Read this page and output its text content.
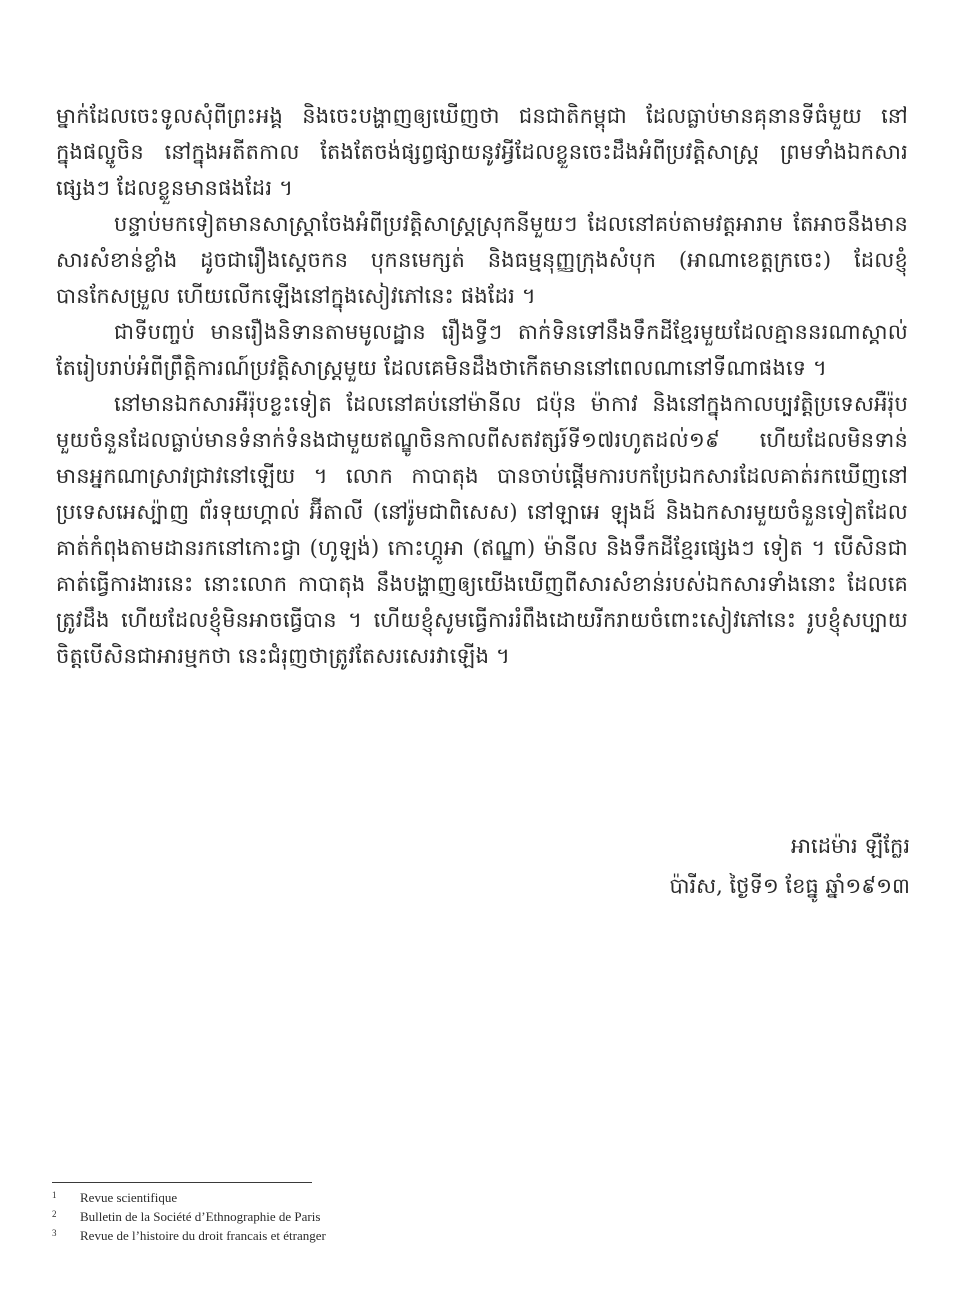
ម្នាក់ដែលចេះទូលសុំពីព្រះអង្គ និងចេះបង្ហាញឲ្យឃើញថា ជនជាតិកម្ពុជា ដែលធ្លាប់មានគុនានទីធំមួយ នៅក្នុងផល្ចូចិន នៅក្នុងអតីតកាល តែងតែចង់ផ្សព្វផ្សាយនូវអ្វីដែលខ្លួនចេះដឹងអំពីប្រវត្តិសាស្ត្រ ព្រមទាំងឯកសារផ្សេងៗ ដែលខ្លួនមានផងដែរ ។

បន្ទាប់មកទៀតមានសាស្ត្រាចែងអំពីប្រវត្តិសាស្ត្រស្រុកនីមួយៗ ដែលនៅគប់តាមវត្តអារាម តែអាចនឹងមានសារសំខាន់ខ្លាំង ដូចជារឿងស្ដេចកន បុកនមេក្សត់ និងធម្មនុញ្ញក្រុងសំបុក (អាណាខេត្តក្រចេះ) ដែលខ្ញុំបានកែសម្រួល ហើយលើកឡើងនៅក្នុងសៀវភៅនេះ ផងដែរ ។

ជាទីបញ្ចប់ មានរឿងនិទានតាមមូលដ្ឋាន រឿងទ្វីៗ តាក់ទិនទៅនឹងទឹកដីខ្មែរមួយដែលគ្មាននរណាស្គាល់ តែរៀបរាប់អំពីព្រឹត្តិការណ៍ប្រវត្តិសាស្ត្រមួយ ដែលគេមិនដឹងថាកើតមាននៅពេលណានៅទីណាផងទេ ។

នៅមានឯកសារអឺរ៉ុបខ្លះទៀត ដែលនៅគប់នៅម៉ានីល ជប៉ុន ម៉ាកាវ និងនៅក្នុងកាលប្បវត្តិប្រទេសអឺរ៉ុបមួយចំនួនដែលធ្លាប់មានទំនាក់ទំនងជាមួយឥណ្ឌូចិនកាលពីសតវត្សរ៍ទី១៧រហូតដល់១៩ ហើយដែលមិនទាន់មានអ្នកណាស្រាវជ្រាវនៅឡើយ ។ លោក កាបាតុង បានចាប់ផ្ដើមការបកប្រែឯកសារដែលគាត់រកឃើញនៅប្រទេសអេស្ប៉ាញ ព័រទុយហ្គាល់ អ៊ីតាលី (នៅរ៉ូមជាពិសេស) នៅឡាអេ ឡុងដ៍ និងឯកសារមួយចំនួនទៀតដែលគាត់កំពុងតាមដានរកនៅកោះជ្វា (ហូឡង់) កោះហ្គូអា (ឥណ្ឌា) ម៉ានីល និងទឹកដីខ្មែរផ្សេងៗ ទៀត ។ បើសិនជាគាត់ធ្វើការងារនេះ នោះលោក កាបាតុង នឹងបង្ហាញឲ្យយើងឃើញពីសារសំខាន់របស់ឯកសារទាំងនោះ ដែលគេត្រូវដឹង ហើយដែលខ្ញុំមិនអាចធ្វើបាន ។ ហើយខ្ញុំសូមធ្វើការរំពឹងដោយរីករាយចំពោះសៀវភៅនេះ រូបខ្ញុំសប្បាយចិត្តបើសិនជាអារម្មកថា នេះជំរុញថាត្រូវតែសរសេរវាឡើង ។

អាដេម៉ារ ឡឺក្លែរ
ប៉ារីស, ថ្ងៃទី១ ខែធ្នូ ឆ្នាំ១៩១៣
1	Revue scientifique
2	Bulletin de la Société d’Ethnographie de Paris
3	Revue de l’histoire du droit francais et étranger
